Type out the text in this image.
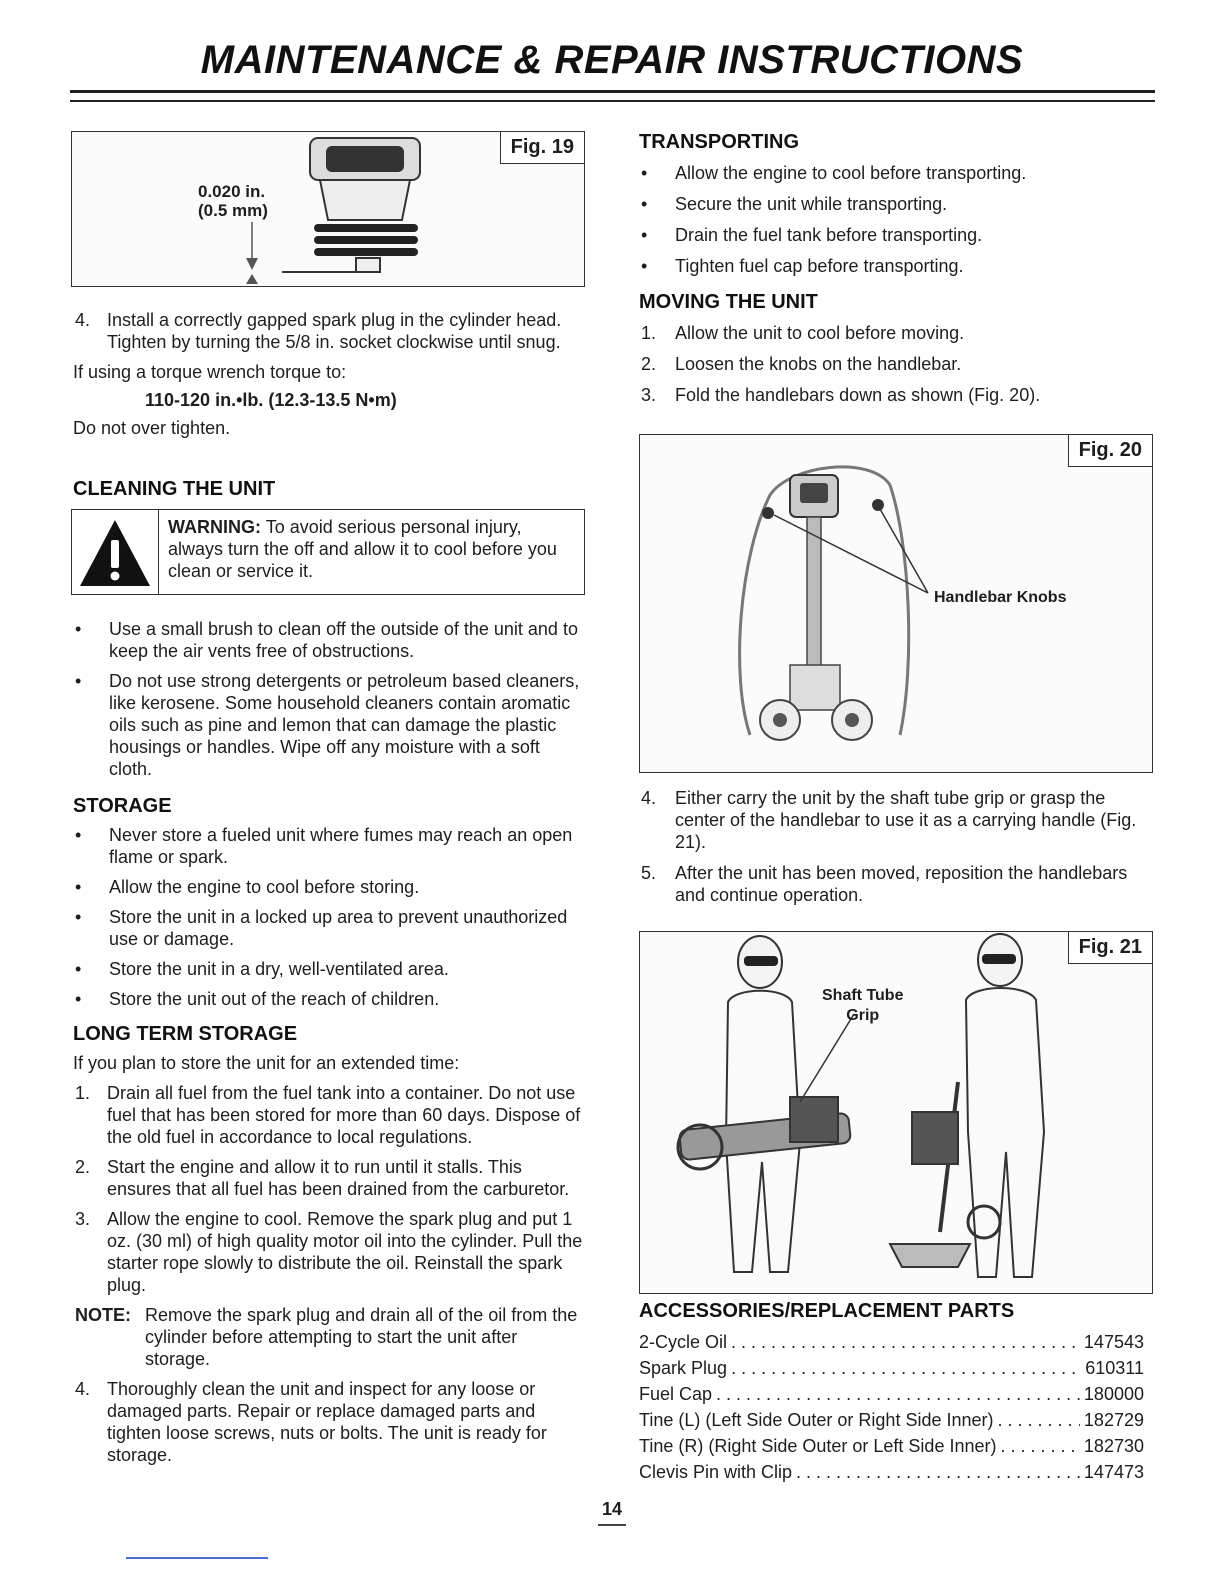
MAINTENANCE & REPAIR INSTRUCTIONS
Fig. 19
0.020 in.
(0.5 mm)
4. Install a correctly gapped spark plug in the cylinder head. Tighten by turning the 5/8 in. socket clockwise until snug.

If using a torque wrench torque to:

110-120 in.•lb. (12.3-13.5 N•m)

Do not over tighten.

CLEANING THE UNIT

WARNING: To avoid serious personal injury, always turn the off and allow it to cool before you clean or service it.
• Use a small brush to clean off the outside of the unit and to keep the air vents free of obstructions.
• Do not use strong detergents or petroleum based cleaners, like kerosene. Some household cleaners contain aromatic oils such as pine and lemon that can damage the plastic housings or handles. Wipe off any moisture with a soft cloth.

STORAGE

• Never store a fueled unit where fumes may reach an open flame or spark.
• Allow the engine to cool before storing.
• Store the unit in a locked up area to prevent unauthorized use or damage.
• Store the unit in a dry, well-ventilated area.
• Store the unit out of the reach of children.

LONG TERM STORAGE

If you plan to store the unit for an extended time:

1. Drain all fuel from the fuel tank into a container. Do not use fuel that has been stored for more than 60 days. Dispose of the old fuel in accordance to local regulations.
2. Start the engine and allow it to run until it stalls. This ensures that all fuel has been drained from the carburetor.
3. Allow the engine to cool. Remove the spark plug and put 1 oz. (30 ml) of high quality motor oil into the cylinder. Pull the starter rope slowly to distribute the oil. Reinstall the spark plug.
NOTE: Remove the spark plug and drain all of the oil from the cylinder before attempting to start the unit after storage.
4. Thoroughly clean the unit and inspect for any loose or damaged parts. Repair or replace damaged parts and tighten loose screws, nuts or bolts. The unit is ready for storage.

TRANSPORTING

• Allow the engine to cool before transporting.
• Secure the unit while transporting.
• Drain the fuel tank before transporting.
• Tighten fuel cap before transporting.

MOVING THE UNIT

1. Allow the unit to cool before moving.
2. Loosen the knobs on the handlebar.
3. Fold the handlebars down as shown (Fig. 20).
Fig. 20
Handlebar Knobs
4. Either carry the unit by the shaft tube grip or grasp the center of the handlebar to use it as a carrying handle (Fig. 21).
5. After the unit has been moved, reposition the handlebars and continue operation.
Fig. 21
Shaft Tube
Grip

ACCESSORIES/REPLACEMENT PARTS

2-Cycle Oil . . .	147543
Spark Plug . . .	610311
Fuel Cap . . .	180000
Tine (L) (Left Side Outer or Right Side Inner) . . .	182729
Tine (R) (Right Side Outer or Left Side Inner) . . .	182730
Clevis Pin with Clip . . .	147473
14
